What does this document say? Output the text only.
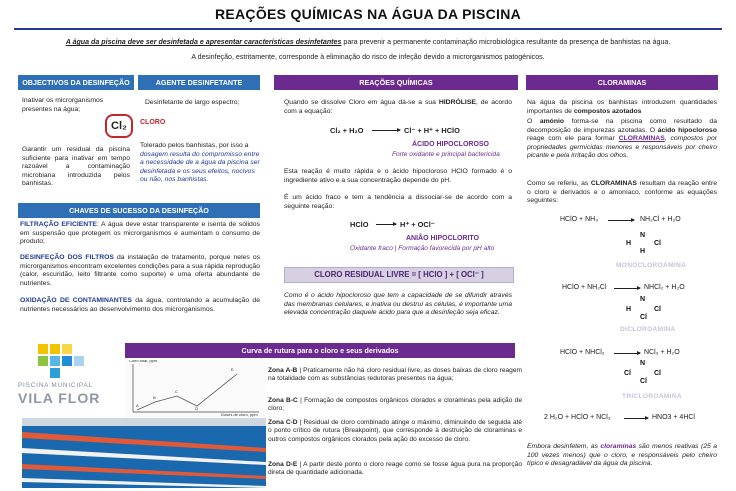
REAÇÕES QUÍMICAS NA ÁGUA DA PISCINA
A água da piscina deve ser desinfetada e apresentar características desinfetantes para prevenir a permanente contaminação microbiológica resultante da presença de banhistas na água.
A desinfeção, estritamente, corresponde à eliminação do risco de infeção devido a microrganismos patogénicos.
OBJECTIVOS DA DESINFEÇÃO	AGENTE DESINFETANTE
Inativar os microrganismos presentes na água;
Garantir um residual da piscina suficiente para inativar em tempo razoável a contaminação microbiana introduzida pelos banhistas.
Desinfetante de largo espectro;
Cl₂	CLORO
Tolerado pelos banhistas, por isso a dosagem resulta do compromisso entre a necessidade de a água da piscina ser desinfetada e os seus efeitos, nocivos ou não, nos banhistas.
CHAVES DE SUCESSO DA DESINFEÇÃO
FILTRAÇÃO EFICIENTE: A água deve estar transparente e isenta de sólidos em suspensão que protegem os microrganismos e aumentam o consumo de produto;
DESINFEÇÃO DOS FILTROS da instalação de tratamento, porque neles os microrganismos encontram excelentes condições para a sua rápida reprodução (calor, escuridão, leito filtrante como suporte) e uma oferta abundante de nutrientes.
OXIDAÇÃO DE CONTAMINANTES da água, controlando a acumulação de nutrientes necessários ao desenvolvimento dos microrganismos.
PISCINA MUNICIPAL
VILA FLOR
Curva de rutura para o cloro e seus derivados
Cloro total, ppm
Doses de cloro, ppm
A
B
C
D
E	Zona A-B | Praticamente não há cloro residual livre, as doses baixas de cloro reagem na totalidade com as substâncias redutoras presentes na água;
Zona B-C | Formação de compostos orgânicos clorados e cloraminas pela adição de cloro;
Zona C-D | Residual de cloro combinado atinge o máximo, diminuindo de seguida até o ponto crítico de rutura (Breakpoint), que corresponde à destruição de cloraminas e outros compostos orgânicos clorados pela ação do excesso de cloro.
Zona D-E | A partir deste ponto o cloro reage como se fosse água pura na proporção direta de quantidade adicionada.
REAÇÕES QUÍMICAS
Quando se dissolve Cloro em água dá-se a sua HIDRÓLISE, de acordo com a equação:
Cl₂ + H₂O	Cl⁻ + H⁺ + HClO
ÁCIDO HIPOCLOROSO
Forte oxidante e principal bactericida
Esta reação é muito rápida e o ácido hipocloroso HClO formado é o ingrediente ativo e a sua concentração depende do pH.
É um ácido fraco e tem a tendência a dissociar-se de acordo com a seguinte reação:
HClO	H⁺ + OCl⁻
ANIÃO HIPOCLORITO
Oxidante fraco | Formação favorecida por pH alto
CLORO RESIDUAL LIVRE = [ HClO ] + [ OCl⁻ ]
Como é o ácido hipocloroso que tem a capacidade de se difundir através das membranas celulares, e inativa ou destruí as células, é importante uma elevada concentração daquele ácido para que a desinfeção seja eficaz.
CLORAMINAS
Na água da piscina os banhistas introduzem quantidades importantes de compostos azotados
O amónio forma-se na piscina como resultado da decomposição de impurezas azotadas. O ácido hipocloroso reage com ele para formar CLORAMINAS, compostos por propriedades germicidas menores e responsáveis por cheiro picante e pela irritação dos olhos.
Como se referiu, as CLORAMINAS resultam da reação entre o cloro e derivados e o amoníaco, conforme as equações seguintes:
HClO + NH₃ → NH₂Cl + H₂O
N
H	Cl
H
MONOCLOROAMINA
HClO + NH₂Cl → NHCl₂ + H₂O
N
H	Cl
Cl
DICLOROAMINA
HClO + NHCl₂ → NCl₃ + H₂O
N
Cl	Cl
Cl
TRICLOROAMINA
2 H₂O + HClO + NCl₃ → HNO3 + 4HCl
Embora desinfetem, as cloraminas são menos reativas (25 a 100 vezes menos) que o cloro, e responsáveis pelo cheiro típico e desagradável da água da piscina.
